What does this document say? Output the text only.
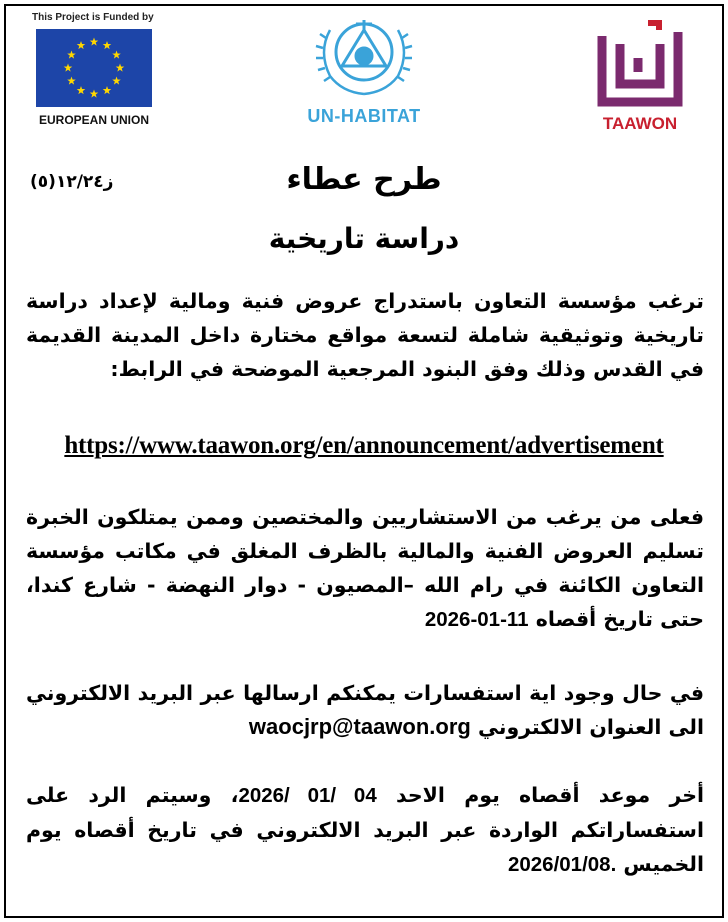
This Project is Funded by
EUROPEAN UNION	UN-HABITAT	TAAWON
ز١٢/٢٤(٥)	طرح عطاء
دراسة تاريخية
ترغب مؤسسة التعاون باستدراج عروض فنية ومالية لإعداد دراسة تاريخية وتوثيقية شاملة لتسعة مواقع مختارة داخل المدينة القديمة في القدس وذلك وفق البنود المرجعية الموضحة في الرابط:
https://www.taawon.org/en/announcement/advertisement
فعلى من يرغب من الاستشاريين والمختصين وممن يمتلكون الخبرة تسليم العروض الفنية والمالية بالظرف المغلق في مكاتب مؤسسة التعاون الكائنة في رام الله –المصيون - دوار النهضة - شارع كندا، حتى تاريخ أقصاه 2026-01-11
في حال وجود اية استفسارات يمكنكم ارسالها عبر البريد الالكتروني الى العنوان الالكتروني waocjrp@taawon.org
أخر موعد أقصاه يوم الاحد 2026/ 01/ 04، وسيتم الرد على استفساراتكم الواردة عبر البريد الالكتروني في تاريخ أقصاه يوم الخميس 2026/01/08.
